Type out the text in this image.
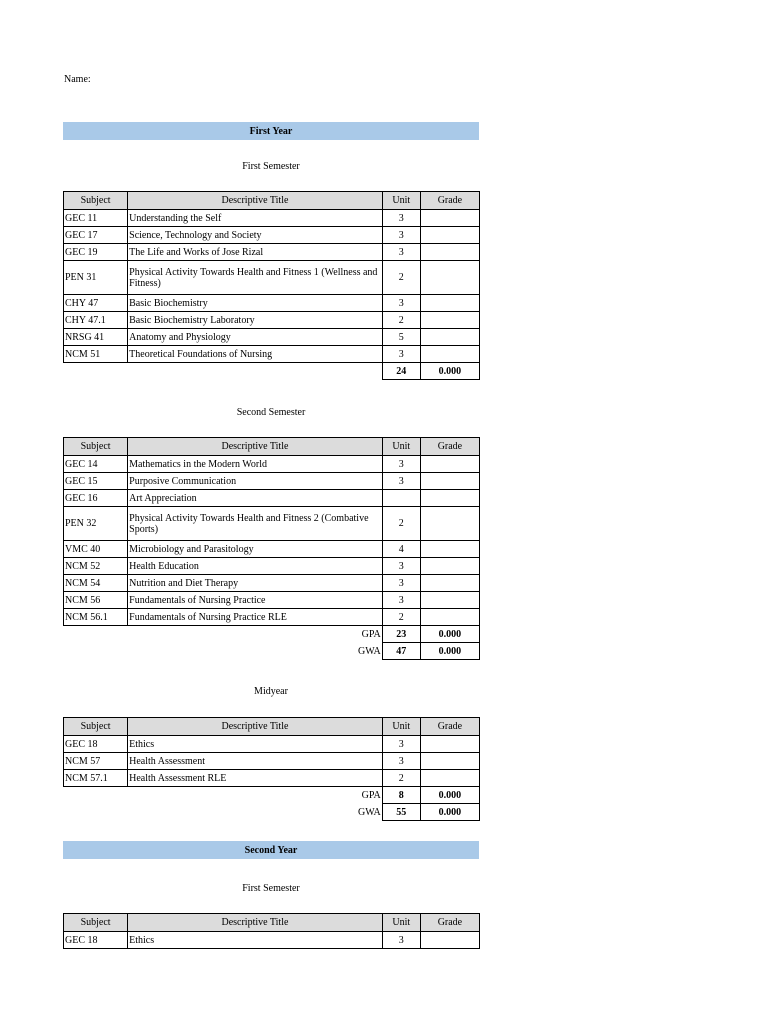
Name:
First Year
First Semester
Subject	Descriptive Title	Unit	Grade
GEC 11	Understanding the Self	3	
GEC 17	Science, Technology and Society	3	
GEC 19	The Life and Works of Jose Rizal	3	
PEN 31	Physical Activity Towards Health and Fitness 1 (Wellness and Fitness)	2	
CHY 47	Basic Biochemistry	3	
CHY 47.1	Basic Biochemistry Laboratory	2	
NRSG 41	Anatomy and Physiology	5	
NCM 51	Theoretical Foundations of Nursing	3	
		24	0.000
Second Semester
Subject	Descriptive Title	Unit	Grade
GEC 14	Mathematics in the Modern World	3	
GEC 15	Purposive Communication	3	
GEC 16	Art Appreciation		
PEN 32	Physical Activity Towards Health and Fitness 2 (Combative Sports)	2	
VMC 40	Microbiology and Parasitology	4	
NCM 52	Health Education	3	
NCM 54	Nutrition and Diet Therapy	3	
NCM 56	Fundamentals of Nursing Practice	3	
NCM 56.1	Fundamentals of Nursing Practice RLE	2	
GPA		23	0.000
GWA		47	0.000
Midyear
Subject	Descriptive Title	Unit	Grade
GEC 18	Ethics	3	
NCM 57	Health Assessment	3	
NCM 57.1	Health Assessment RLE	2	
GPA		8	0.000
GWA		55	0.000
Second Year
First Semester
Subject	Descriptive Title	Unit	Grade
GEC 18	Ethics	3	
